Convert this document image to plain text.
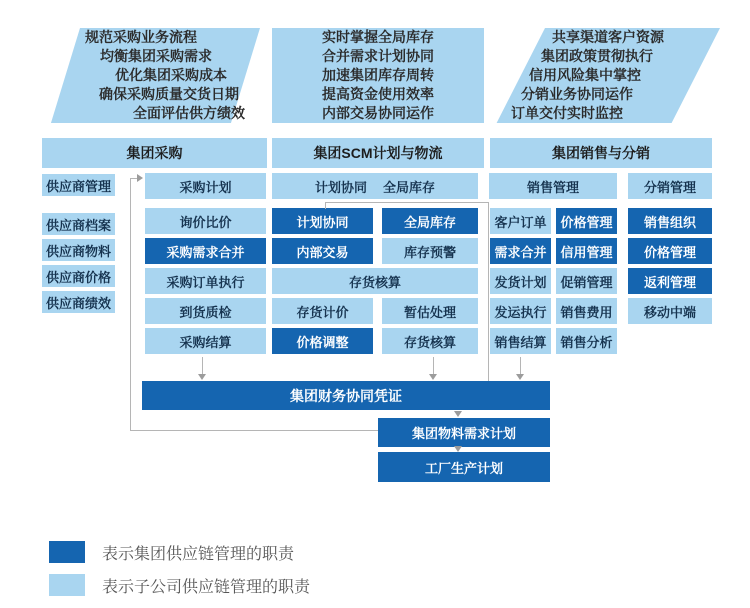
规范采购业务流程
均衡集团采购需求
优化集团采购成本
确保采购质量交货日期
全面评估供方绩效
实时掌握全局库存
合并需求计划协同
加速集团库存周转
提高资金使用效率
内部交易协同运作
共享渠道客户资源
集团政策贯彻执行
信用风险集中掌控
分销业务协同运作
订单交付实时监控
集团采购	集团SCM计划与物流	集团销售与分销
供应商管理
供应商档案
供应商物料
供应商价格
供应商绩效
采购计划
询价比价
采购需求合并
采购订单执行
到货质检
采购结算
计划协同 全局库存
计划协同
内部交易
全局库存
库存预警
存货核算
存货计价
价格调整
暂估处理
存货核算
销售管理
客户订单
需求合并
发货计划
发运执行
销售结算
价格管理
信用管理
促销管理
销售费用
销售分析
分销管理
销售组织
价格管理
返利管理
移动中端
集团财务协同凭证
集团物料需求计划
工厂生产计划
表示集团供应链管理的职责
表示子公司供应链管理的职责
